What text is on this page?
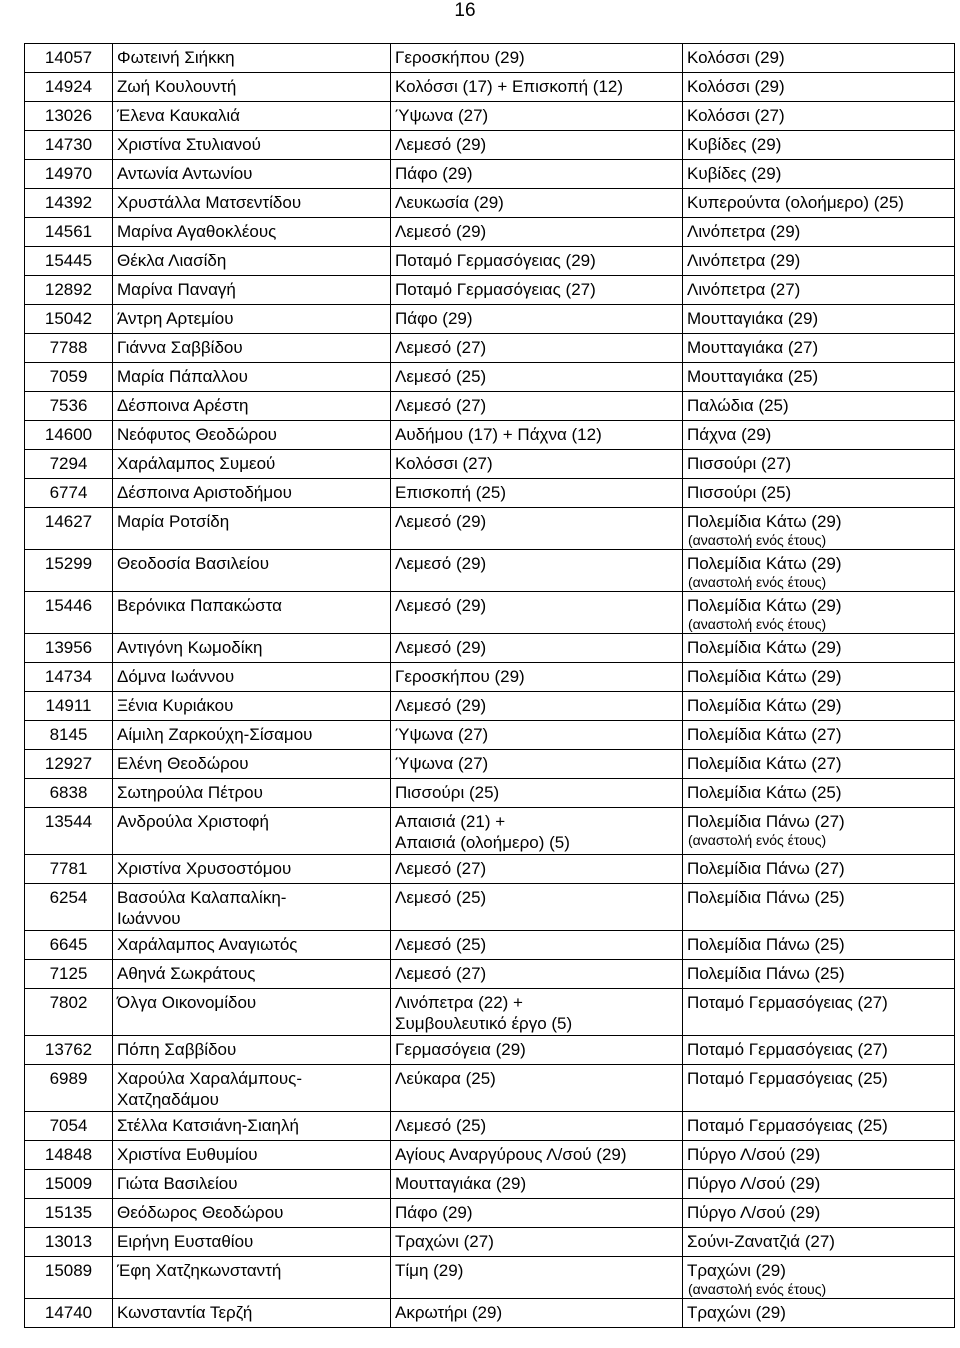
16
14057	Φωτεινή Σιήκκη	Γεροσκήπου (29)	Κολόσσι (29)
14924	Ζωή Κουλουντή	Κολόσσι (17) + Επισκοπή (12)	Κολόσσι (29)
13026	Έλενα Καυκαλιά	Ύψωνα (27)	Κολόσσι (27)
14730	Χριστίνα Στυλιανού	Λεμεσό (29)	Κυβίδες (29)
14970	Αντωνία Αντωνίου	Πάφο (29)	Κυβίδες (29)
14392	Χρυστάλλα Ματσεντίδου	Λευκωσία (29)	Κυπερούντα (ολοήμερο) (25)
14561	Μαρίνα Αγαθοκλέους	Λεμεσό (29)	Λινόπετρα (29)
15445	Θέκλα Λιασίδη	Ποταμό Γερμασόγειας (29)	Λινόπετρα (29)
12892	Μαρίνα Παναγή	Ποταμό Γερμασόγειας (27)	Λινόπετρα (27)
15042	Άντρη Αρτεμίου	Πάφο (29)	Μουτταγιάκα (29)
7788	Γιάννα Σαββίδου	Λεμεσό (27)	Μουτταγιάκα (27)
7059	Μαρία Πάπαλλου	Λεμεσό (25)	Μουτταγιάκα (25)
7536	Δέσποινα Αρέστη	Λεμεσό (27)	Παλώδια (25)
14600	Νεόφυτος Θεοδώρου	Αυδήμου (17) + Πάχνα (12)	Πάχνα (29)
7294	Χαράλαμπος Συμεού	Κολόσσι (27)	Πισσούρι (27)
6774	Δέσποινα Αριστοδήμου	Επισκοπή (25)	Πισσούρι (25)
14627	Μαρία Ροτσίδη	Λεμεσό (29)	Πολεμίδια Κάτω (29)
(αναστολή ενός έτους)

15299	Θεοδοσία Βασιλείου	Λεμεσό (29)	Πολεμίδια Κάτω (29)
(αναστολή ενός έτους)

15446	Βερόνικα Παπακώστα	Λεμεσό (29)	Πολεμίδια Κάτω (29)
(αναστολή ενός έτους)

13956	Αντιγόνη Κωμοδίκη	Λεμεσό (29)	Πολεμίδια Κάτω (29)
14734	Δόμνα Ιωάννου	Γεροσκήπου (29)	Πολεμίδια Κάτω (29)
14911	Ξένια Κυριάκου	Λεμεσό (29)	Πολεμίδια Κάτω (29)
8145	Αίμιλη Ζαρκούχη-Σίσαμου	Ύψωνα (27)	Πολεμίδια Κάτω (27)
12927	Ελένη Θεοδώρου	Ύψωνα (27)	Πολεμίδια Κάτω (27)
6838	Σωτηρούλα Πέτρου	Πισσούρι (25)	Πολεμίδια Κάτω (25)
13544	Ανδρούλα Χριστοφή	Απαισιά (21) +
Απαισιά (ολοήμερο) (5)	Πολεμίδια Πάνω (27)
(αναστολή ενός έτους)

7781	Χριστίνα Χρυσοστόμου	Λεμεσό (27)	Πολεμίδια Πάνω (27)
6254	Βασούλα Καλαπαλίκη-
Ιωάννου	Λεμεσό (25)	Πολεμίδια Πάνω (25)

6645	Χαράλαμπος Αναγιωτός	Λεμεσό (25)	Πολεμίδια Πάνω (25)
7125	Αθηνά Σωκράτους	Λεμεσό (27)	Πολεμίδια Πάνω (25)
7802	Όλγα Οικονομίδου	Λινόπετρα (22) +
Συμβουλευτικό έργο (5)	Ποταμό Γερμασόγειας (27)

13762	Πόπη Σαββίδου	Γερμασόγεια (29)	Ποταμό Γερμασόγειας (27)
6989	Χαρούλα Χαραλάμπους-
Χατζηαδάμου	Λεύκαρα (25)	Ποταμό Γερμασόγειας (25)

7054	Στέλλα Κατσιάνη-Σιαηλή	Λεμεσό (25)	Ποταμό Γερμασόγειας (25)
14848	Χριστίνα Ευθυμίου	Αγίους Αναργύρους Λ/σού (29)	Πύργο Λ/σού (29)
15009	Γιώτα Βασιλείου	Μουτταγιάκα (29)	Πύργο Λ/σού (29)
15135	Θεόδωρος Θεοδώρου	Πάφο (29)	Πύργο Λ/σού (29)
13013	Ειρήνη Ευσταθίου	Τραχώνι (27)	Σούνι-Ζανατζιά (27)
15089	Έφη Χατζηκωνσταντή	Τίμη (29)	Τραχώνι (29)
(αναστολή ενός έτους)

14740	Κωνσταντία Τερζή	Ακρωτήρι (29)	Τραχώνι (29)
